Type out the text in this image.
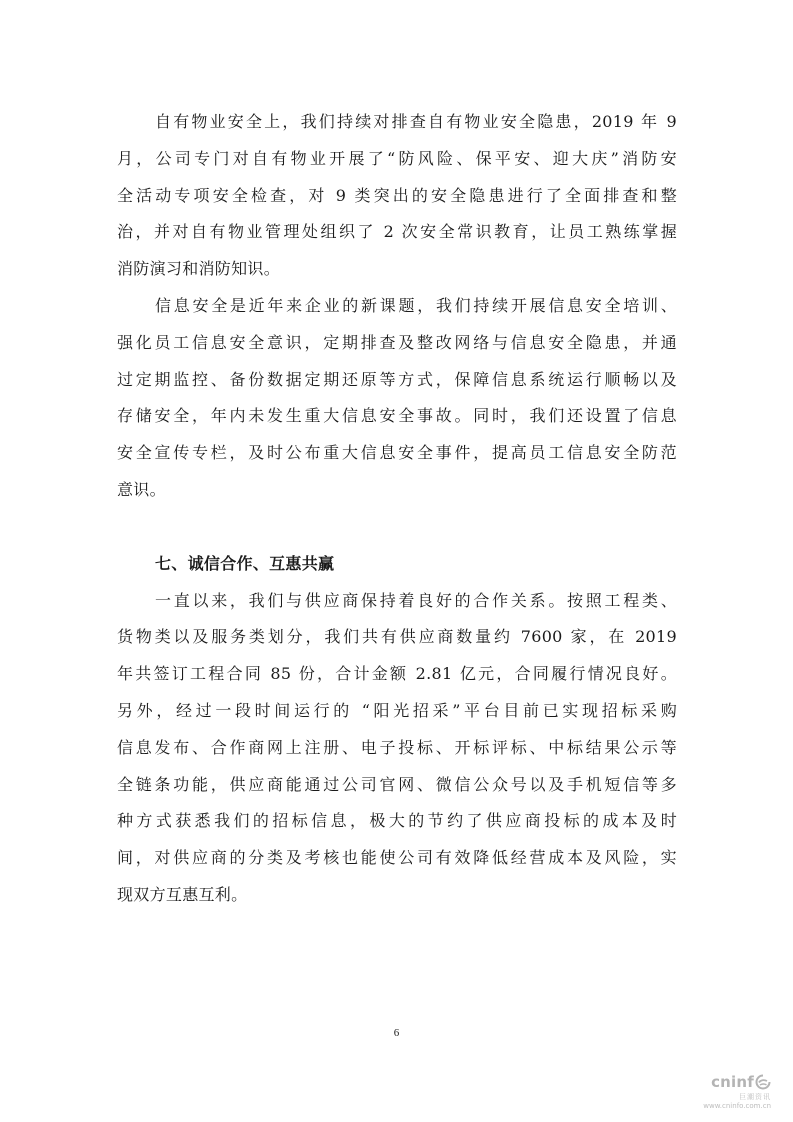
自有物业安全上，我们持续对排查自有物业安全隐患，2019 年 9
月，公司专门对自有物业开展了“防风险、保平安、迎大庆”消防安
全活动专项安全检查，对 9 类突出的安全隐患进行了全面排查和整
治，并对自有物业管理处组织了 2 次安全常识教育，让员工熟练掌握
消防演习和消防知识。
信息安全是近年来企业的新课题，我们持续开展信息安全培训、
强化员工信息安全意识，定期排查及整改网络与信息安全隐患，并通
过定期监控、备份数据定期还原等方式，保障信息系统运行顺畅以及
存储安全，年内未发生重大信息安全事故。同时，我们还设置了信息
安全宣传专栏，及时公布重大信息安全事件，提高员工信息安全防范
意识。
七、诚信合作、互惠共赢
一直以来，我们与供应商保持着良好的合作关系。按照工程类、
货物类以及服务类划分，我们共有供应商数量约 7600 家，在 2019
年共签订工程合同 85 份，合计金额 2.81 亿元，合同履行情况良好。
另外，经过一段时间运行的 “阳光招采”平台目前已实现招标采购
信息发布、合作商网上注册、电子投标、开标评标、中标结果公示等
全链条功能，供应商能通过公司官网、微信公众号以及手机短信等多
种方式获悉我们的招标信息，极大的节约了供应商投标的成本及时
间，对供应商的分类及考核也能使公司有效降低经营成本及风险，实
现双方互惠互利。
6
cninf
巨潮资讯
www.cninfo.com.cn
